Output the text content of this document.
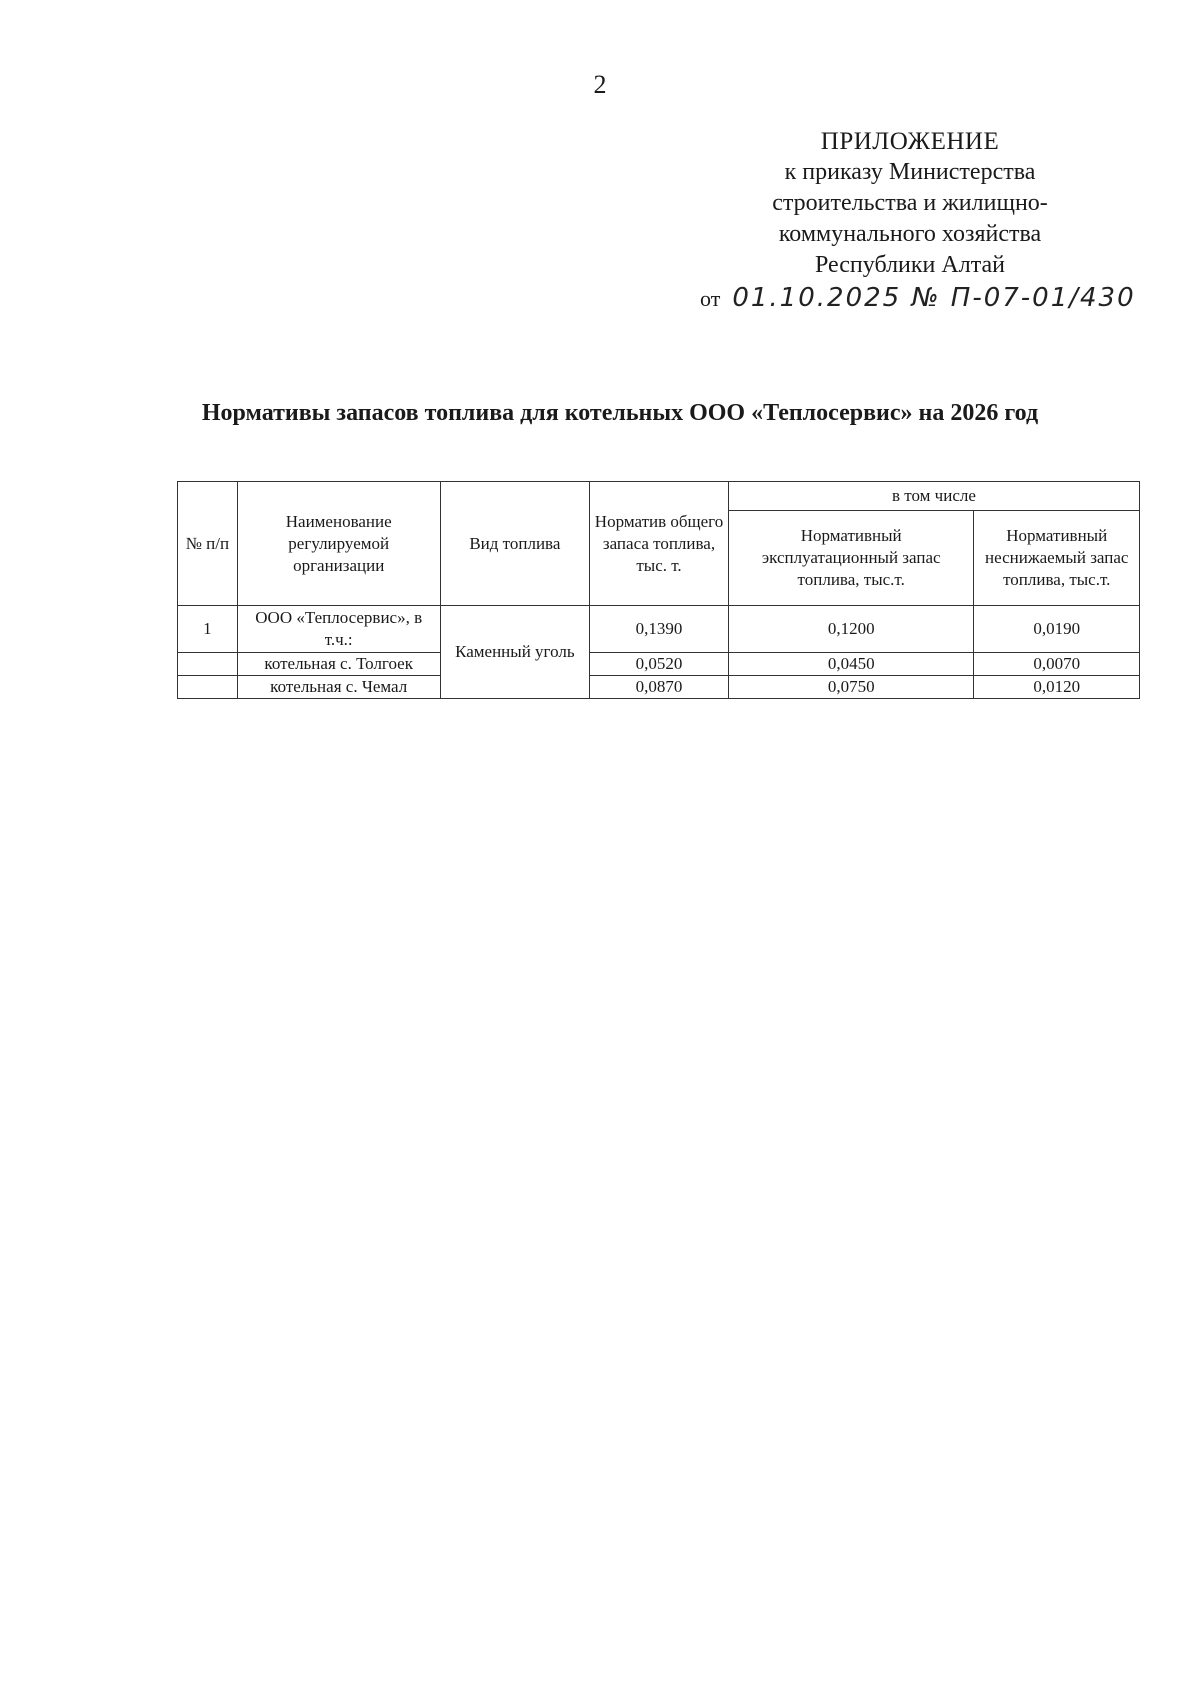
2
ПРИЛОЖЕНИЕ
к приказу Министерства
строительства и жилищно-
коммунального хозяйства
Республики Алтай
от 01.10.2025 № П-07-01/430
Нормативы запасов топлива для котельных ООО «Теплосервис» на 2026 год
№ п/п	Наименование регулируемой организации	Вид топлива	Норматив общего запаса топлива, тыс. т.	в том числе	
				Нормативный эксплуатационный запас топлива, тыс.т.	Нормативный неснижаемый запас топлива, тыс.т.
1	ООО «Теплосервис», в т.ч.:	Каменный уголь	0,1390	0,1200	0,0190
	котельная с. Толгоек		0,0520	0,0450	0,0070
	котельная с. Чемал		0,0870	0,0750	0,0120
